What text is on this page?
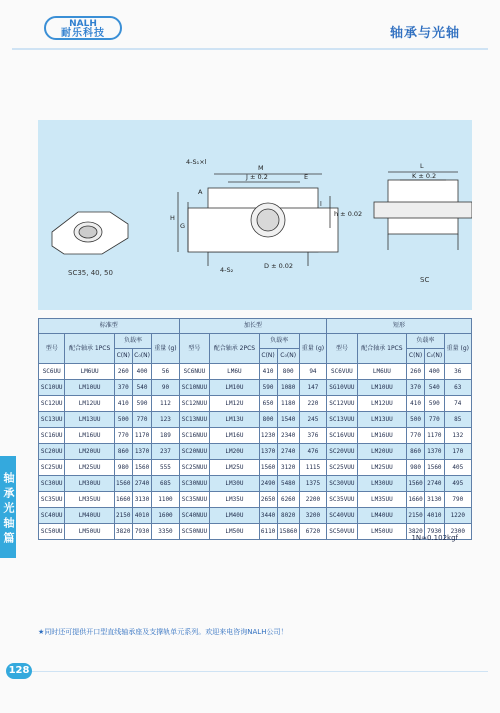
NALH
耐乐科技	轴承与光轴
SC35, 40, 50
4-S₁×l
M
J ± 0.2	E
A
H
G
l
h ± 0.02
4-S₂	D ± 0.02
L
K ± 0.2
SC
标准型					加长型					短形				
型号	配合轴承 1PCS	负载率		重量 (g)	型号	配合轴承 2PCS	负载率		重量 (g)	型号	配合轴承 1PCS	负载率		重量 (g)
		C(N)	C₀(N)				C(N)	C₀(N)				C(N)	C₀(N)	
SC6UU	LM6UU	260	400	56	SC6NUU	LM6U	410	800	94	SC6VUU	LM6UU	260	400	36
SC10UU	LM10UU	370	540	90	SC10NUU	LM10U	590	1080	147	SG10VUU	LM10UU	370	540	63
SC12UU	LM12UU	410	590	112	SC12NUU	LM12U	650	1180	220	SC12VUU	LM12UU	410	590	74
SC13UU	LM13UU	500	770	123	SC13NUU	LM13U	800	1540	245	SC13VUU	LM13UU	500	770	85
SC16UU	LM16UU	770	1170	189	SC16NUU	LM16U	1230	2340	376	SC16VUU	LM16UU	770	1170	132
SC20UU	LM20UU	860	1370	237	SC20NUU	LM20U	1370	2740	476	SC20VUU	LM20UU	860	1370	170
SC25UU	LM25UU	980	1560	555	SC25NUU	LM25U	1560	3120	1115	SC25VUU	LM25UU	980	1560	405
SC30UU	LM30UU	1560	2740	685	SC30NUU	LM30U	2490	5480	1375	SC30VUU	LM30UU	1560	2740	495
SC35UU	LM35UU	1660	3130	1100	SC35NUU	LM35U	2650	6260	2200	SC35VUU	LM35UU	1660	3130	790
SC40UU	LM40UU	2150	4010	1600	SC40NUU	LM40U	3440	8020	3200	SC40VUU	LM40UU	2150	4010	1220
SC50UU	LM50UU	3820	7930	3350	SC50NUU	LM50U	6110	15860	6720	SC50VUU	LM50UU	3820	7930	2300
1N≈0.102kgf
轴承光轴篇
★同时还可提供开口型直线轴承座及支撑轨单元系列。欢迎来电咨询NALH公司！
128
